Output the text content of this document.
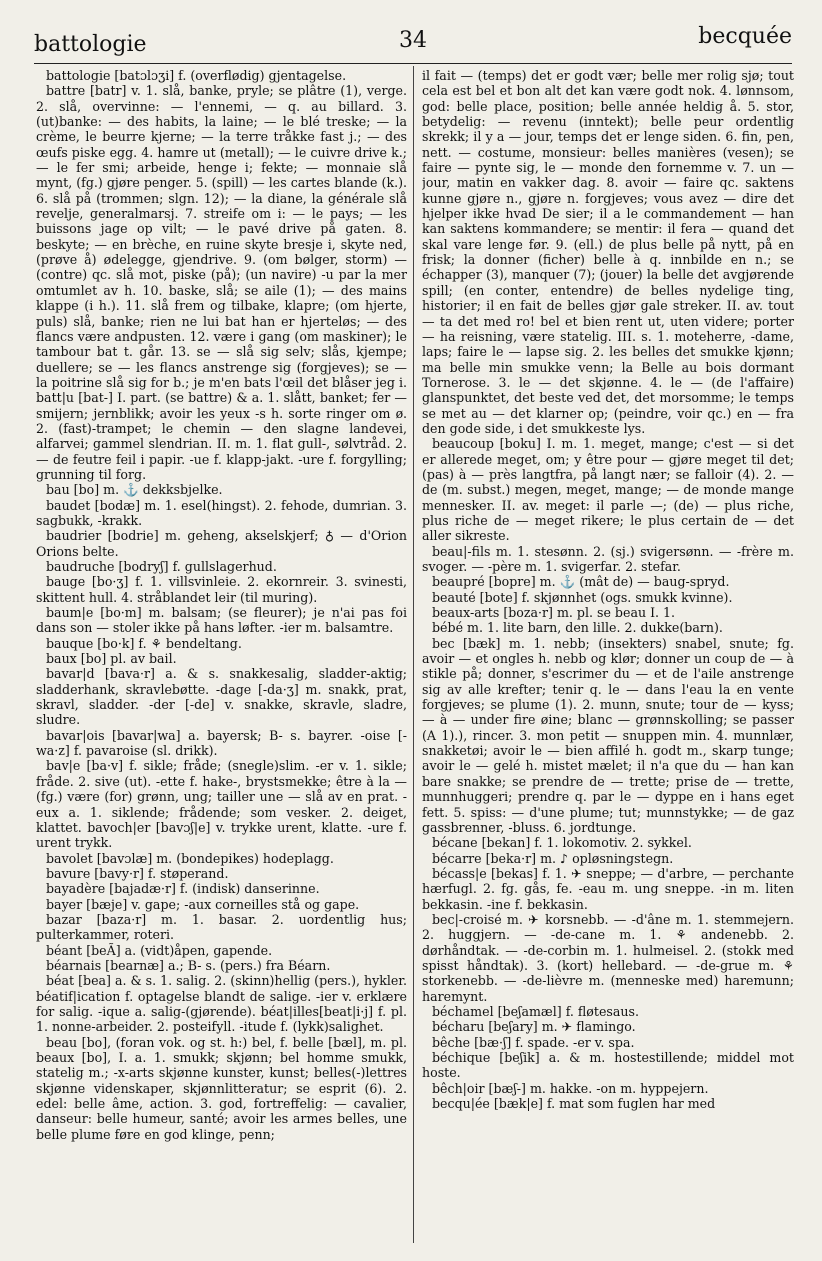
battologie	34	becquée

battologie [batɔlɔʒi] f. (overflødig) gjentagelse.

battre [batr] v. 1. slå, banke, pryle; se plâtre (1), verge. 2. slå, overvinne: — l'ennemi, — q. au billard. 3. (ut)banke: — des habits, la laine; — le blé treske; — la crème, le beurre kjerne; — la terre tråkke fast j.; — des œufs piske egg. 4. hamre ut (metall); — le cuivre drive k.; — le fer smi; arbeide, henge i; fekte; — monnaie slå mynt, (fg.) gjøre penger. 5. (spill) — les cartes blande (k.). 6. slå på (trommen; slgn. 12); — la diane, la générale slå revelje, generalmarsj. 7. streife om i: — le pays; — les buissons jage op vilt; — le pavé drive på gaten. 8. beskyte; — en brèche, en ruine skyte bresje i, skyte ned, (prøve å) ødelegge, gjendrive. 9. (om bølger, storm) — (contre) qc. slå mot, piske (på); (un navire) -u par la mer omtumlet av h. 10. baske, slå; se aile (1); — des mains klappe (i h.). 11. slå frem og tilbake, klapre; (om hjerte, puls) slå, banke; rien ne lui bat han er hjerteløs; — des flancs være andpusten. 12. være i gang (om maskiner); le tambour bat t. går. 13. se — slå sig selv; slås, kjempe; duellere; se — les flancs anstrenge sig (forgjeves); se — la poitrine slå sig for b.; je m'en bats l'œil det blåser jeg i. batt|u [bat-] I. part. (se battre) & a. 1. slått, banket; fer — smijern; jernblikk; avoir les yeux -s h. sorte ringer om ø. 2. (fast)-trampet; le chemin — den slagne landevei, alfarvei; gammel slendrian. II. m. 1. flat gull-, sølvtråd. 2. — de feutre feil i papir. -ue f. klapp-jakt. -ure f. forgylling; grunning til forg.

bau [bo] m. ⚓ dekksbjelke.

baudet [bodæ] m. 1. esel(hingst). 2. fehode, dumrian. 3. sagbukk, -krakk.

baudrier [bodrie] m. geheng, akselskjerf; ♁ — d'Orion Orions belte.

baudruche [bodryʃ] f. gullslagerhud.

bauge [bo·ʒ] f. 1. villsvinleie. 2. ekornreir. 3. svinesti, skittent hull. 4. stråblandet leir (til muring).

baum|e [bo·m] m. balsam; (se fleurer); je n'ai pas foi dans son — stoler ikke på hans løfter. -ier m. balsamtre.

bauque [bo·k] f. ⚘ bendeltang.

baux [bo] pl. av bail.

bavar|d [bava·r] a. & s. snakkesalig, sladder-aktig; sladderhank, skravlebøtte. -dage [-da·ʒ] m. snakk, prat, skravl, sladder. -der [-de] v. snakke, skravle, sladre, sludre.

bavar|ois [bavar|wa] a. bayersk; B- s. bayrer. -oise [-wa·z] f. pavaroise (sl. drikk).

bav|e [ba·v] f. sikle; fråde; (snegle)slim. -er v. 1. sikle; fråde. 2. sive (ut). -ette f. hake-, brystsmekke; être à la — (fg.) være (for) grønn, ung; tailler une — slå av en prat. -eux a. 1. siklende; frådende; som vesker. 2. deiget, klattet. bavoch|er [bavɔʃ|e] v. trykke urent, klatte. -ure f. urent trykk.

bavolet [bavɔlæ] m. (bondepikes) hodeplagg.

bavure [bavy·r] f. støperand.

bayadère [bajadæ·r] f. (indisk) danserinne.

bayer [bæje] v. gape; -aux corneilles stå og gape.

bazar [baza·r] m. 1. basar. 2. uordentlig hus; pulterkammer, roteri.

béant [beÃ] a. (vidt)åpen, gapende.

béarnais [bearnæ] a.; B- s. (pers.) fra Béarn.

béat [bea] a. & s. 1. salig. 2. (skinn)hellig (pers.), hykler. béatif|ication f. optagelse blandt de salige. -ier v. erklære for salig. -ique a. salig-(gjørende). béat|illes[beat|i·j] f. pl. 1. nonne-arbeider. 2. posteifyll. -itude f. (lykk)salighet.

beau [bo], (foran vok. og st. h:) bel, f. belle [bæl], m. pl. beaux [bo], I. a. 1. smukk; skjønn; bel homme smukk, statelig m.; -x-arts skjønne kunster, kunst; belles(-)lettres skjønne videnskaper, skjønnlitteratur; se esprit (6). 2. edel: belle âme, action. 3. god, fortreffelig: — cavalier, danseur: belle humeur, santé; avoir les armes belles, une belle plume føre en god klinge, penn;

il fait — (temps) det er godt vær; belle mer rolig sjø; tout cela est bel et bon alt det kan være godt nok. 4. lønnsom, god: belle place, position; belle année heldig å. 5. stor, betydelig: — revenu (inntekt); belle peur ordentlig skrekk; il y a — jour, temps det er lenge siden. 6. fin, pen, nett. — costume, monsieur: belles manières (vesen); se faire — pynte sig, le — monde den fornemme v. 7. un — jour, matin en vakker dag. 8. avoir — faire qc. saktens kunne gjøre n., gjøre n. forgjeves; vous avez — dire det hjelper ikke hvad De sier; il a le commandement — han kan saktens kommandere; se mentir: il fera — quand det skal vare lenge før. 9. (ell.) de plus belle på nytt, på en frisk; la donner (ficher) belle à q. innbilde en n.; se échapper (3), manquer (7); (jouer) la belle det avgjørende spill; (en conter, entendre) de belles nydelige ting, historier; il en fait de belles gjør gale streker. II. av. tout — ta det med ro! bel et bien rent ut, uten videre; porter — ha reisning, være statelig. III. s. 1. moteherre, -dame, laps; faire le — lapse sig. 2. les belles det smukke kjønn; ma belle min smukke venn; la Belle au bois dormant Tornerose. 3. le — det skjønne. 4. le — (de l'affaire) glanspunktet, det beste ved det, det morsomme; le temps se met au — det klarner op; (peindre, voir qc.) en — fra den gode side, i det smukkeste lys.

beaucoup [boku] I. m. 1. meget, mange; c'est — si det er allerede meget, om; y être pour — gjøre meget til det; (pas) à — près langtfra, på langt nær; se falloir (4). 2. — de (m. subst.) megen, meget, mange; — de monde mange mennesker. II. av. meget: il parle —; (de) — plus riche, plus riche de — meget rikere; le plus certain de — det aller sikreste.

beau|-fils m. 1. stesønn. 2. (sj.) svigersønn. — -frère m. svoger. — -père m. 1. svigerfar. 2. stefar.

beaupré [bopre] m. ⚓ (mât de) — baug-spryd.

beauté [bote] f. skjønnhet (ogs. smukk kvinne).

beaux-arts [boza·r] m. pl. se beau I. 1.

bébé m. 1. lite barn, den lille. 2. dukke(barn).

bec [bæk] m. 1. nebb; (insekters) snabel, snute; fg. avoir — et ongles h. nebb og klør; donner un coup de — à stikle på; donner, s'escrimer du — et de l'aile anstrenge sig av alle krefter; tenir q. le — dans l'eau la en vente forgjeves; se plume (1). 2. munn, snute; tour de — kyss; — à — under fire øine; blanc — grønnskolling; se passer (A 1).), rincer. 3. mon petit — snuppen min. 4. munnlær, snakketøi; avoir le — bien affilé h. godt m., skarp tunge; avoir le — gelé h. mistet mælet; il n'a que du — han kan bare snakke; se prendre de — trette; prise de — trette, munnhuggeri; prendre q. par le — dyppe en i hans eget fett. 5. spiss: — d'une plume; tut; munnstykke; — de gaz gassbrenner, -bluss. 6. jordtunge.

bécane [bekan] f. 1. lokomotiv. 2. sykkel.

bécarre [beka·r] m. ♪ opløsningstegn.

bécass|e [bekas] f. 1. ✈ sneppe; — d'arbre, — perchante hærfugl. 2. fg. gås, fe. -eau m. ung sneppe. -in m. liten bekkasin. -ine f. bekkasin.

bec|-croisé m. ✈ korsnebb. — -d'âne m. 1. stemmejern. 2. huggjern. — -de-cane m. 1. ⚘ andenebb. 2. dørhåndtak. — -de-corbin m. 1. hulmeisel. 2. (stokk med spisst håndtak). 3. (kort) hellebard. — -de-grue m. ⚘ storkenebb. — -de-lièvre m. (menneske med) haremunn; haremynt.

béchamel [beʃamæl] f. fløtesaus.

bécharu [beʃary] m. ✈ flamingo.

bêche [bæ·ʃ] f. spade. -er v. spa.

béchique [beʃik] a. & m. hostestillende; middel mot hoste.

bêch|oir [bæʃ-] m. hakke. -on m. hyppejern.

becqu|ée [bæk|e] f. mat som fuglen har med
